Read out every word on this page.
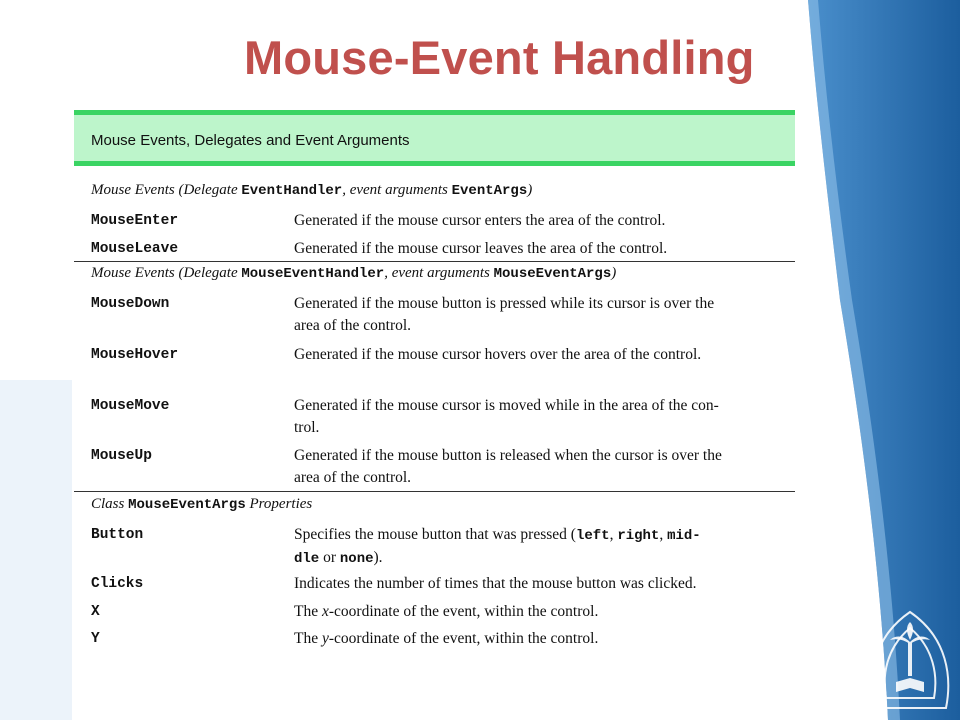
Mouse-Event Handling
Mouse Events, Delegates and Event Arguments
Mouse Events (Delegate EventHandler, event arguments EventArgs)
MouseEnter	Generated if the mouse cursor enters the area of the control.
MouseLeave	Generated if the mouse cursor leaves the area of the control.
Mouse Events (Delegate MouseEventHandler, event arguments MouseEventArgs)
MouseDown	Generated if the mouse button is pressed while its cursor is over the
area of the control.
MouseHover	Generated if the mouse cursor hovers over the area of the control.
MouseMove	Generated if the mouse cursor is moved while in the area of the con-
trol.
MouseUp	Generated if the mouse button is released when the cursor is over the
area of the control.
Class MouseEventArgs Properties
Button	Specifies the mouse button that was pressed (left, right, mid-
dle or none).
Clicks	Indicates the number of times that the mouse button was clicked.
X	The x-coordinate of the event, within the control.
Y	The y-coordinate of the event, within the control.
